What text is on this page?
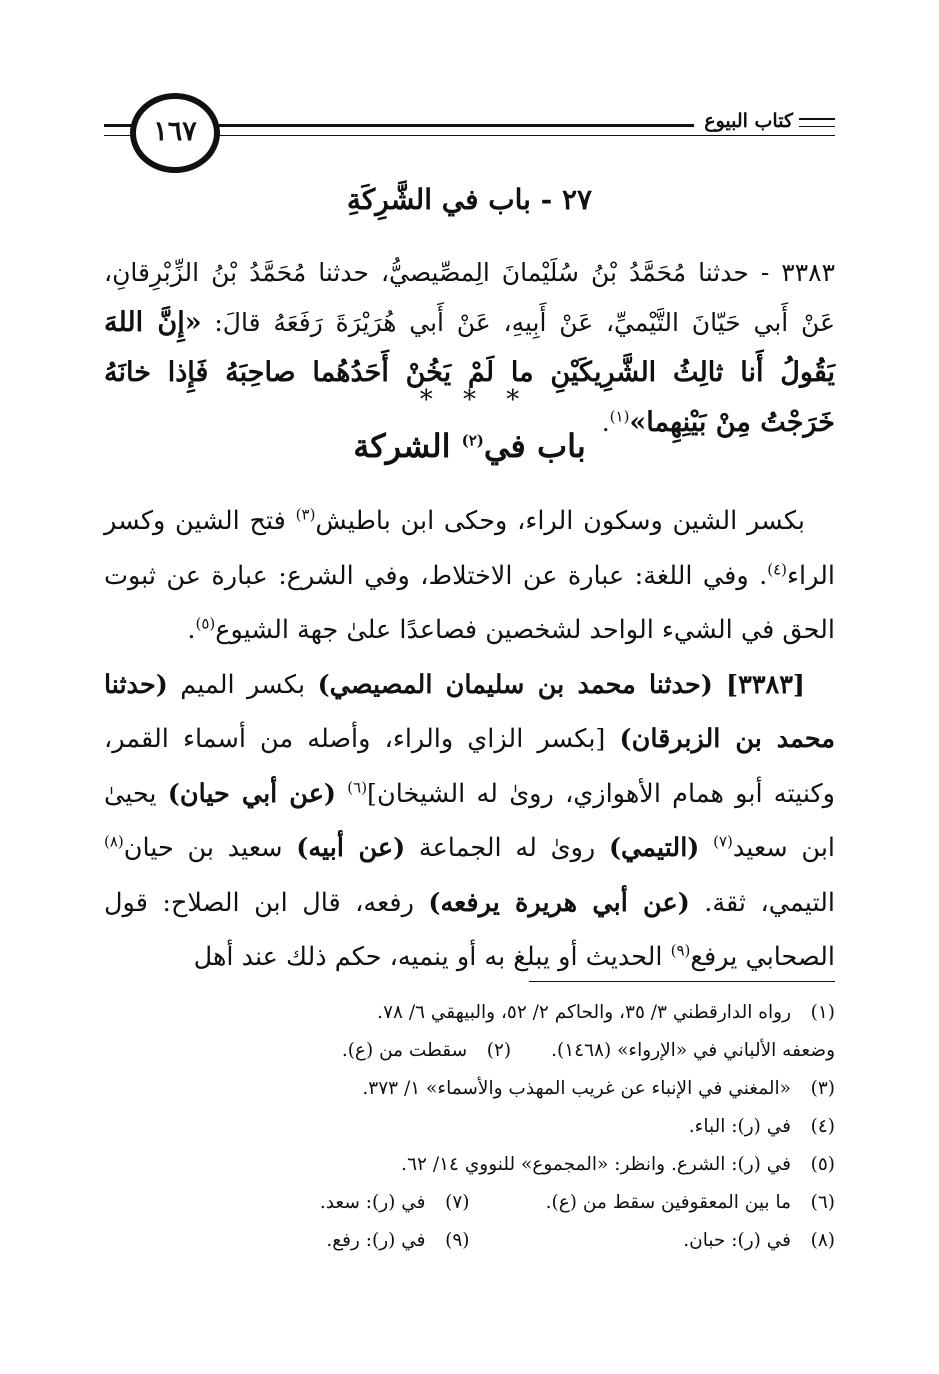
كتاب البيوع
١٦٧
٢٧ - باب في الشَّرِكَةِ
٣٣٨٣ - حدثنا مُحَمَّدُ بْنُ سُلَيْمانَ الِمصِّيصيُّ، حدثنا مُحَمَّدُ بْنُ الزِّبْرِقانِ، عَنْ أَبي حَيّانَ التَّيْميِّ، عَنْ أَبِيهِ، عَنْ أَبي هُرَيْرَةَ رَفَعَهُ قالَ: «إِنَّ اللهَ يَقُولُ أَنا ثالِثُ الشَّرِيكَيْنِ ما لَمْ يَخُنْ أَحَدُهُما صاحِبَهُ فَإِذا خانَهُ خَرَجْتُ مِنْ بَيْنِهِما»$^{(١)}$.
* * *
باب في$^{(٢)}$ الشركة

بكسر الشين وسكون الراء، وحكى ابن باطيش$^{(٣)}$ فتح الشين وكسر الراء$^{(٤)}$. وفي اللغة: عبارة عن الاختلاط، وفي الشرع: عبارة عن ثبوت الحق في الشيء الواحد لشخصين فصاعدًا علىٰ جهة الشيوع$^{(٥)}$.

[٣٣٨٣] (حدثنا محمد بن سليمان المصيصي) بكسر الميم (حدثنا محمد بن الزبرقان) [بكسر الزاي والراء، وأصله من أسماء القمر، وكنيته أبو همام الأهوازي، رویٰ له الشيخان]$^{(٦)}$ (عن أبي حيان) يحيىٰ ابن سعيد$^{(٧)}$ (التيمي) رویٰ له الجماعة (عن أبيه) سعيد بن حيان$^{(٨)}$ التيمي، ثقة. (عن أبي هريرة يرفعه) رفعه، قال ابن الصلاح: قول الصحابي يرفع$^{(٩)}$ الحديث أو يبلغ به أو ينميه، حكم ذلك عند أهل

(١)
رواه الدارقطني ٣/ ٣٥، والحاكم ٢/ ٥٢، والبيهقي ٦/ ٧٨.
وضعفه الألباني في «الإرواء» (١٤٦٨).
(٢)
سقطت من (ع).
(٣)
«المغني في الإنباء عن غريب المهذب والأسماء» ١/ ٣٧٣.
(٤)
في (ر): الباء.
(٥)
في (ر): الشرع. وانظر: «المجموع» للنووي ١٤/ ٦٢.
(٦)ما بين المعقوفين سقط من (ع).
(٧)في (ر): سعد.
(٨)في (ر): حبان.
(٩)في (ر): رفع.
